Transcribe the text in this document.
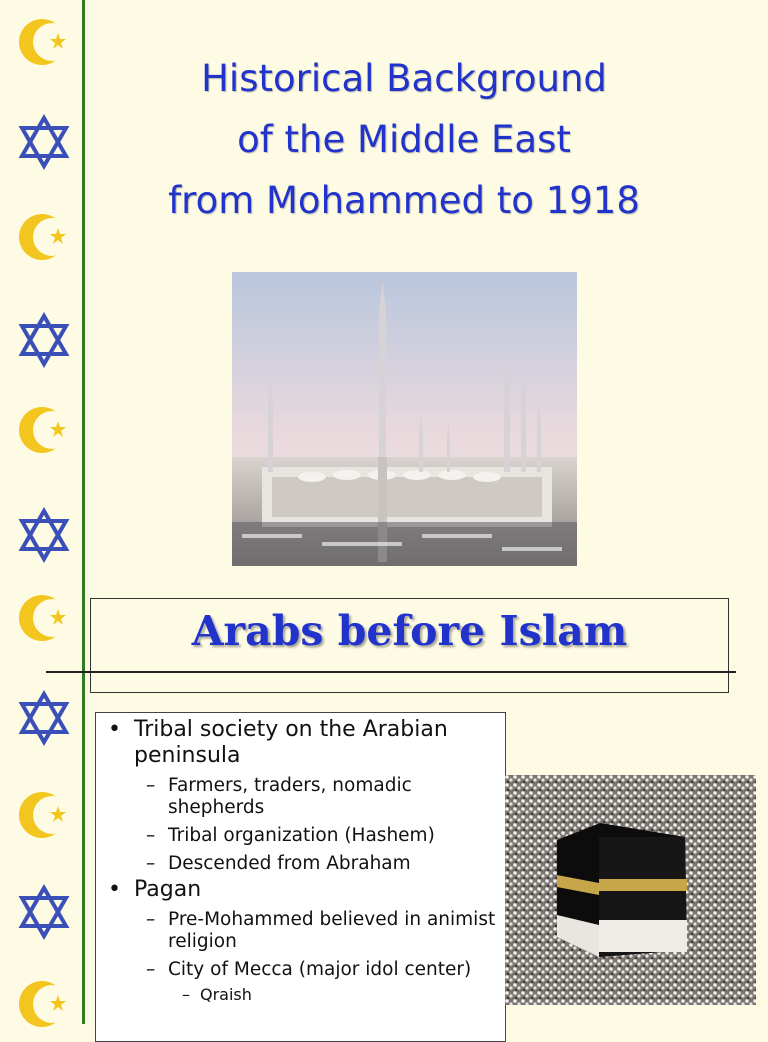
Historical Background
of the Middle East
from Mohammed to 1918
Arabs before Islam
• Tribal society on the Arabian peninsula
– Farmers, traders, nomadic shepherds
– Tribal organization (Hashem)
– Descended from Abraham
• Pagan
– Pre-Mohammed believed in animist religion
– City of Mecca (major idol center)
– Qraish
